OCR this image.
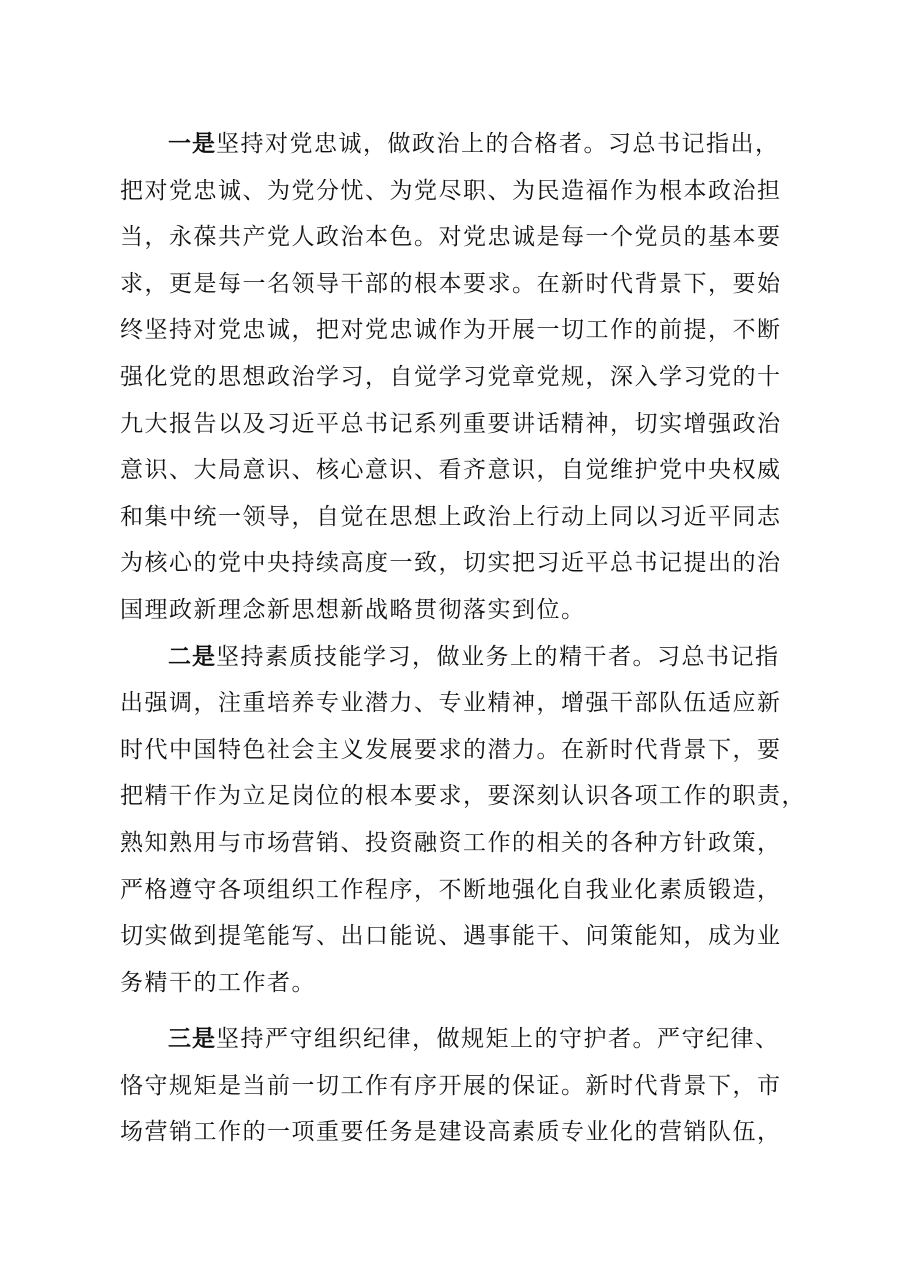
一是坚持对党忠诚，做政治上的合格者。习总书记指出，
把对党忠诚、为党分忧、为党尽职、为民造福作为根本政治担
当，永葆共产党人政治本色。对党忠诚是每一个党员的基本要
求，更是每一名领导干部的根本要求。在新时代背景下，要始
终坚持对党忠诚，把对党忠诚作为开展一切工作的前提，不断
强化党的思想政治学习，自觉学习党章党规，深入学习党的十
九大报告以及习近平总书记系列重要讲话精神，切实增强政治
意识、大局意识、核心意识、看齐意识，自觉维护党中央权威
和集中统一领导，自觉在思想上政治上行动上同以习近平同志
为核心的党中央持续高度一致，切实把习近平总书记提出的治
国理政新理念新思想新战略贯彻落实到位。
二是坚持素质技能学习，做业务上的精干者。习总书记指
出强调，注重培养专业潜力、专业精神，增强干部队伍适应新
时代中国特色社会主义发展要求的潜力。在新时代背景下，要
把精干作为立足岗位的根本要求，要深刻认识各项工作的职责，
熟知熟用与市场营销、投资融资工作的相关的各种方针政策，
严格遵守各项组织工作程序，不断地强化自我业化素质锻造，
切实做到提笔能写、出口能说、遇事能干、问策能知，成为业
务精干的工作者。
三是坚持严守组织纪律，做规矩上的守护者。严守纪律、
恪守规矩是当前一切工作有序开展的保证。新时代背景下，市
场营销工作的一项重要任务是建设高素质专业化的营销队伍，
